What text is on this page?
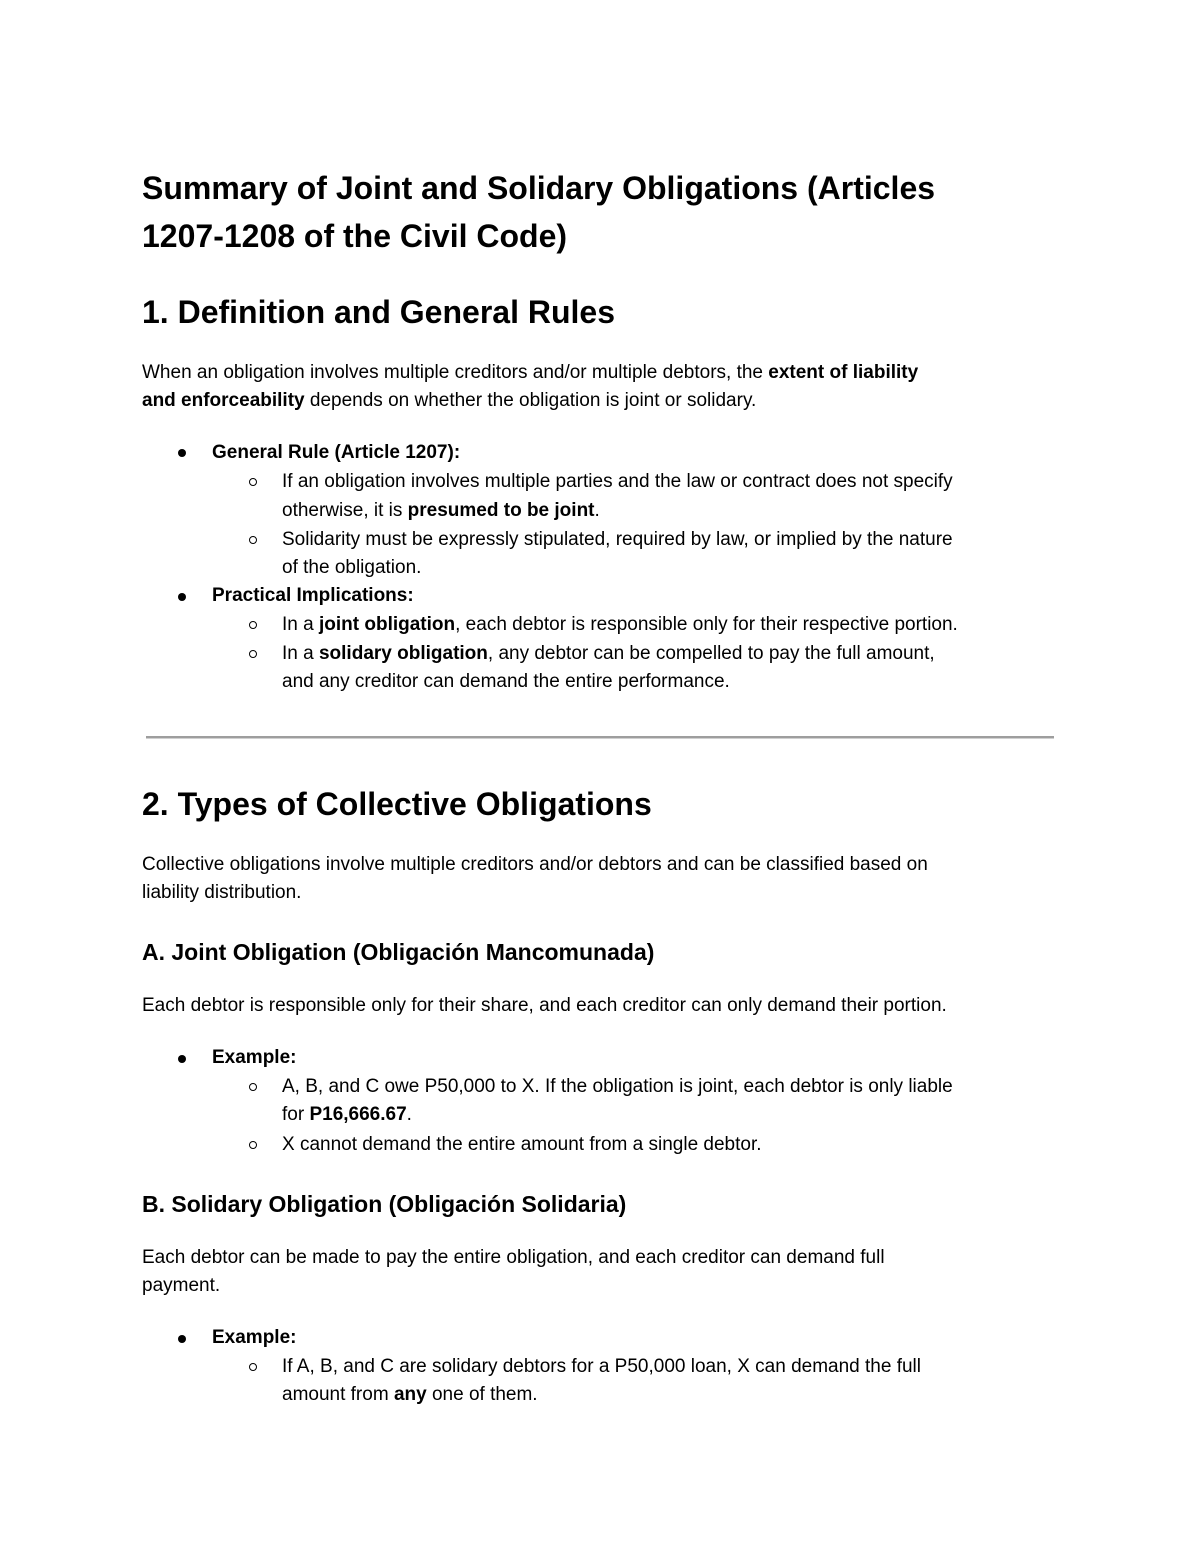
Summary of Joint and Solidary Obligations (Articles
1207-1208 of the Civil Code)
1. Definition and General Rules
When an obligation involves multiple creditors and/or multiple debtors, the extent of liability
and enforceability depends on whether the obligation is joint or solidary.
General Rule (Article 1207):
If an obligation involves multiple parties and the law or contract does not specify
otherwise, it is presumed to be joint.
Solidarity must be expressly stipulated, required by law, or implied by the nature
of the obligation.
Practical Implications:
In a joint obligation, each debtor is responsible only for their respective portion.
In a solidary obligation, any debtor can be compelled to pay the full amount,
and any creditor can demand the entire performance.
2. Types of Collective Obligations
Collective obligations involve multiple creditors and/or debtors and can be classified based on
liability distribution.
A. Joint Obligation (Obligación Mancomunada)
Each debtor is responsible only for their share, and each creditor can only demand their portion.
Example:
A, B, and C owe P50,000 to X. If the obligation is joint, each debtor is only liable
for P16,666.67.
X cannot demand the entire amount from a single debtor.
B. Solidary Obligation (Obligación Solidaria)
Each debtor can be made to pay the entire obligation, and each creditor can demand full
payment.
Example:
If A, B, and C are solidary debtors for a P50,000 loan, X can demand the full
amount from any one of them.
